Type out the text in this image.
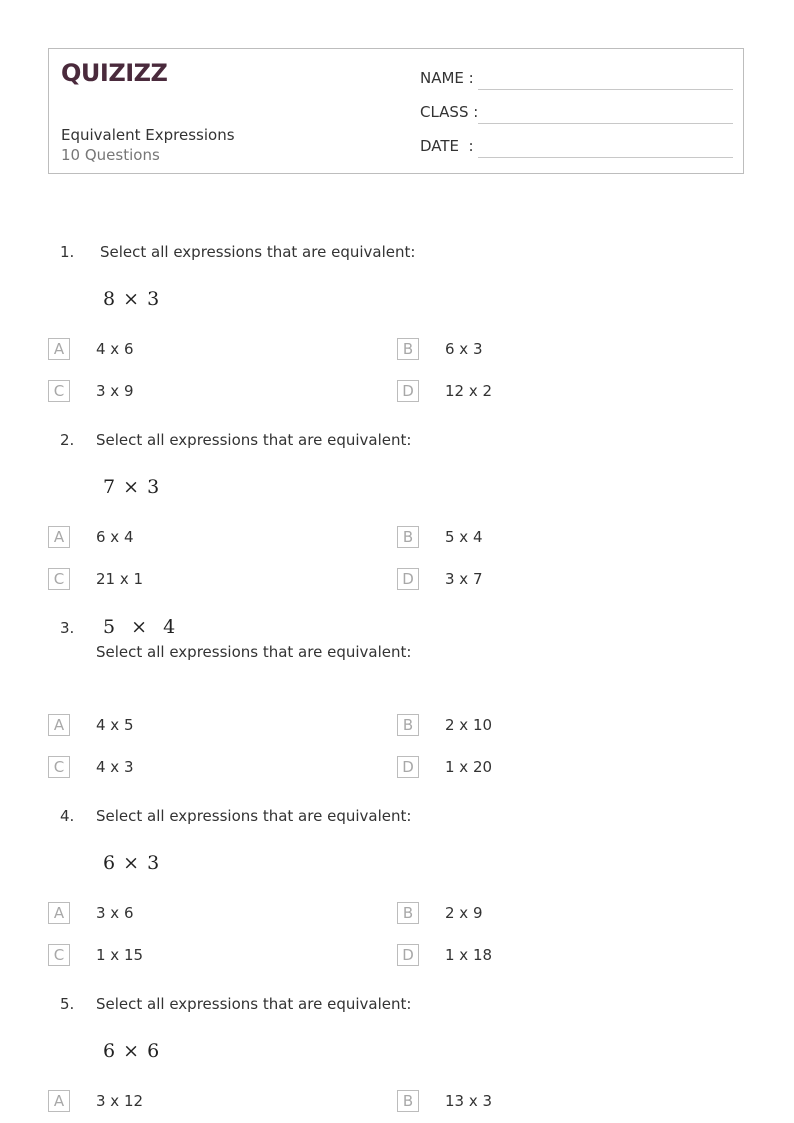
QUIZIZZ
Equivalent Expressions
10 Questions
NAME :
CLASS :
DATE  :
1. Select all expressions that are equivalent:
8 × 3
A	4 x 6	B	6 x 3
C	3 x 9	D	12 x 2
2. Select all expressions that are equivalent:
7 × 3
A	6 x 4	B	5 x 4
C	21 x 1	D	3 x 7
3. 5  ×  4
Select all expressions that are equivalent:
A	4 x 5	B	2 x 10
C	4 x 3	D	1 x 20
4. Select all expressions that are equivalent:
6 × 3
A	3 x 6	B	2 x 9
C	1 x 15	D	1 x 18
5. Select all expressions that are equivalent:
6 × 6
A	3 x 12	B	13 x 3
